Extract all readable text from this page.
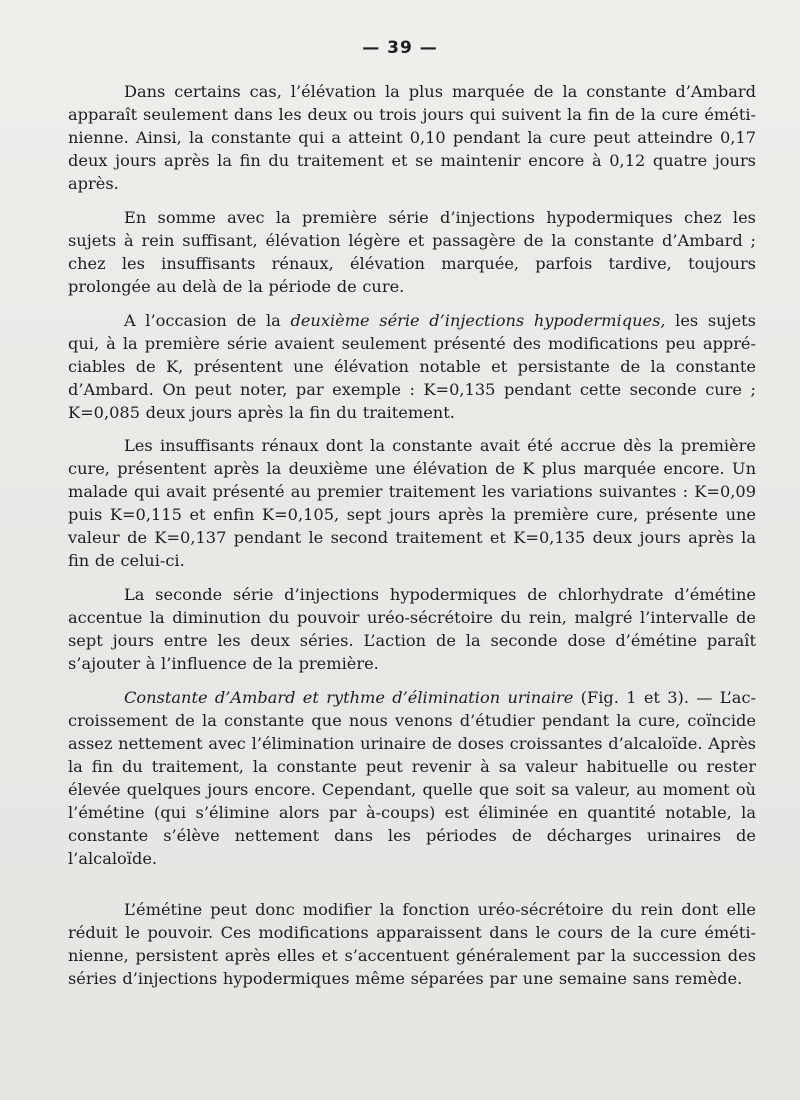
— 39 —

Dans certains cas, l’élévation la plus marquée de la constante d’Ambard apparaît seulement dans les deux ou trois jours qui suivent la fin de la cure émétinienne. Ainsi, la constante qui a atteint 0,10 pendant la cure peut atteindre 0,17 deux jours après la fin du traitement et se maintenir encore à 0,12 quatre jours après.

En somme avec la première série d’injections hypodermiques chez les sujets à rein suffisant, élévation légère et passagère de la constante d’Ambard ; chez les insuffisants rénaux, élévation marquée, parfois tardive, toujours prolongée au delà de la période de cure.

A l’occasion de la deuxième série d’injections hypodermiques, les sujets qui, à la première série avaient seulement présenté des modifications peu appréciables de K, présentent une élévation notable et persistante de la constante d’Ambard. On peut noter, par exemple : K=0,135 pendant cette seconde cure ; K=0,085 deux jours après la fin du traitement.

Les insuffisants rénaux dont la constante avait été accrue dès la première cure, présentent après la deuxième une élévation de K plus marquée encore. Un malade qui avait présenté au premier traitement les variations suivantes : K=0,09 puis K=0,115 et enfin K=0,105, sept jours après la première cure, présente une valeur de K=0,137 pendant le second traitement et K=0,135 deux jours après la fin de celui-ci.

La seconde série d’injections hypodermiques de chlorhydrate d’émétine accentue la diminution du pouvoir uréo-sécrétoire du rein, malgré l’intervalle de sept jours entre les deux séries. L’action de la seconde dose d’émétine paraît s’ajouter à l’influence de la première.

Constante d’Ambard et rythme d’élimination urinaire (Fig. 1 et 3). — L’accroissement de la constante que nous venons d’étudier pendant la cure, coïncide assez nettement avec l’élimination urinaire de doses croissantes d’alcaloïde. Après la fin du traitement, la constante peut revenir à sa valeur habituelle ou rester élevée quelques jours encore. Cependant, quelle que soit sa valeur, au moment où l’émétine (qui s’élimine alors par à-coups) est éliminée en quantité notable, la constante s’élève nettement dans les périodes de décharges urinaires de l’alcaloïde.

L’émétine peut donc modifier la fonction uréo-sécrétoire du rein dont elle réduit le pouvoir. Ces modifications apparaissent dans le cours de la cure émétinienne, persistent après elles et s’accentuent généralement par la succession des séries d’injections hypodermiques même séparées par une semaine sans remède.
